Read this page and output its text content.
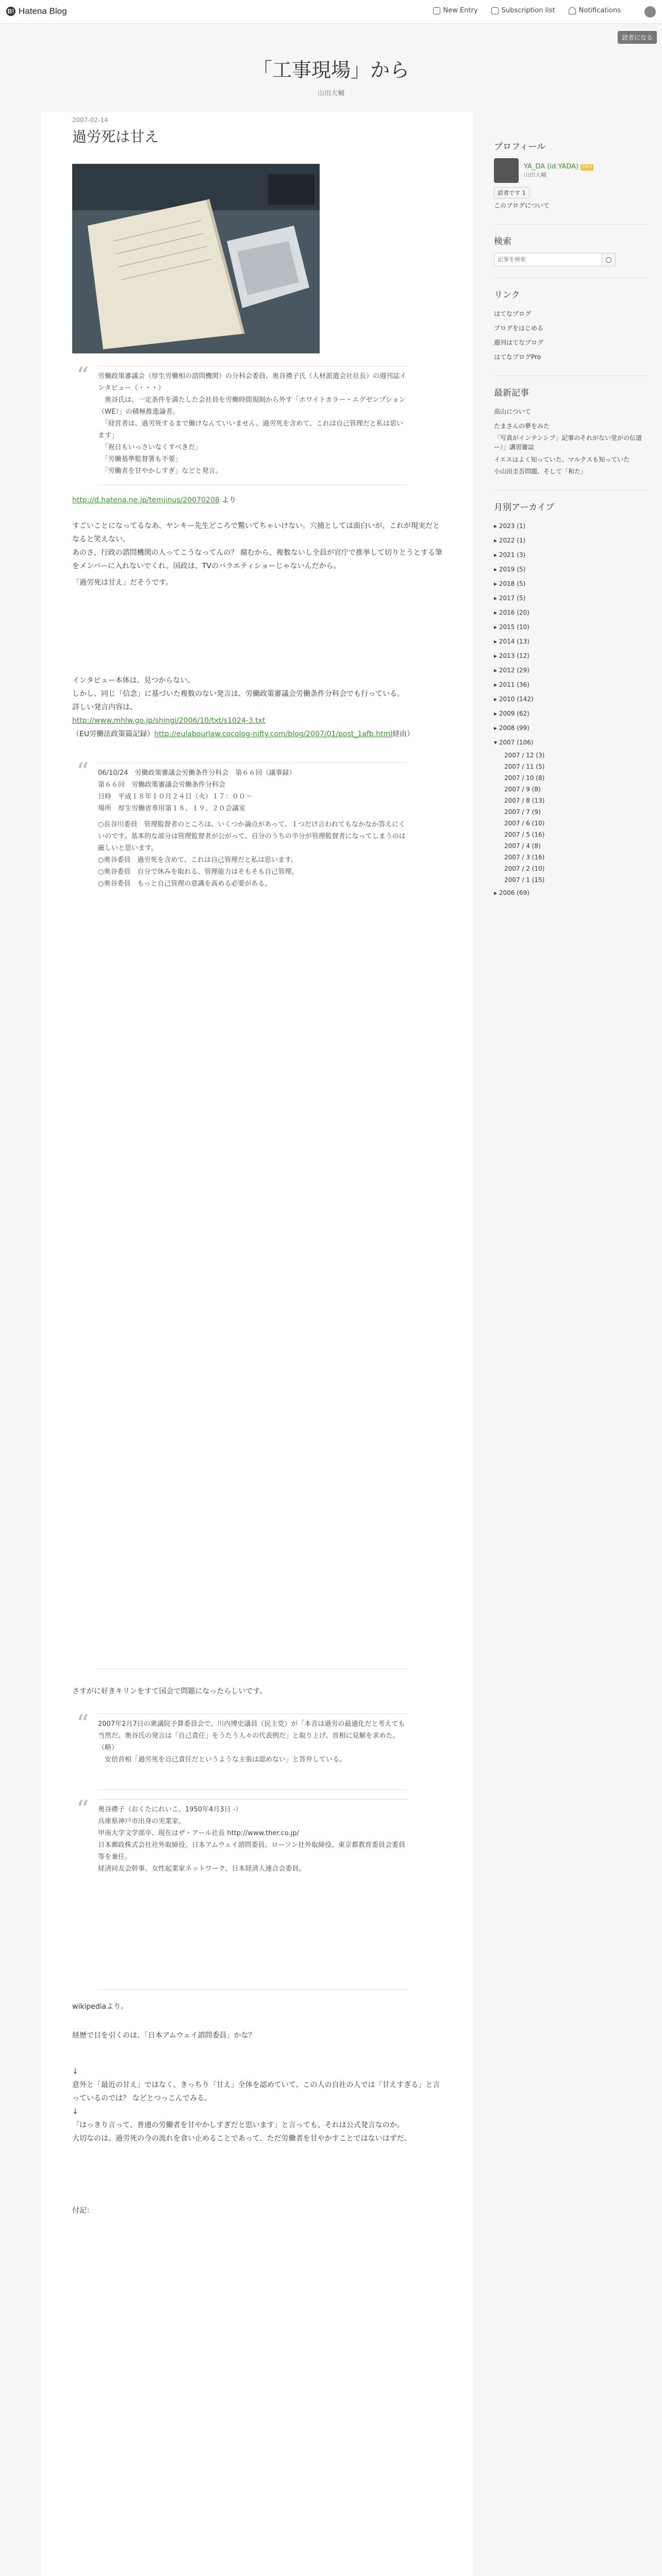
B! Hatena Blog	New Entry	Subscription list	Notifications
読者になる
「工事現場」から
山田大輔
2007-02-14
過労死は甘え
“ 労働政策審議会（厚生労働相の諮問機関）の分科会委員、奥谷禮子氏（人材派遣会社社長）の週刊誌インタビュー（・・・）
　奥谷氏は、一定条件を満たした会社員を労働時間規制から外す「ホワイトカラー・エグゼンプション（WE）」の積極推進論者。
　「経営者は、過労死するまで働けなんていいません。過労死を含めて、これは自己管理だと私は思います」
　「祝日もいっさいなくすべきだ」
　「労働基準監督署も不要」
　「労働者を甘やかしすぎ」などと発言。
http://d.hatena.ne.jp/temjinus/20070208 より
すごいことになってるなあ、ヤンキー先生どころで驚いてちゃいけない。穴捕としては面白いが、これが現実だとなると笑えない。
あのさ、行政の諮問機関の人ってこうなってんの？ 腐むから、複数ないし全員が官庁で推挙して切りとうとする筆をメンバーに入れないでくれ。国政は、TVのバラエティショーじゃないんだから。
「過労死は甘え」だそうです。
インタビュー本体は、見つからない。
しかし、同じ「信念」に基づいた複数のない発言は、労働政策審議会労働条件分科会でも行っている。
詳しい発言内容は、
http://www.mhlw.go.jp/shingi/2006/10/txt/s1024-3.txt
（EU労働法政策篇記録）http://eulabourlaw.cocolog-nifty.com/blog/2007/01/post_1afb.html経由）
“ 06/10/24　労働政策審議会労働条件分科会　第６６回（議事録）
第６６回　労働政策審議会労働条件分科会
日時　平成１８年１０月２４日（火）１７：００～
場所　厚生労働省専用第１８、１９、２０会議室
○長谷川委員　管理監督者のところは、いくつか論点があって、１つだけ言われてもなかなか答えにくいのです。基本的な部分は管理監督者が公がって、自分のうちの半分が管理監督者になってしまうのは厳しいと思います。
○奥谷委員　過労死を含めて、これは自己管理だと私は思います。
○奥谷委員　自分で休みを取れる、管理能力はそもそも自己管理。
○奥谷委員　もっと自己管理の意識を高める必要がある。
さすがに好きキリンをすて国会で問題になったらしいです。
“ 2007年2月7日の衆議院予算委員会で、川内博史議員（民主党）が「本音は過労の最適化だと考えても当然だ。奥谷氏の発言は「自己責任」をうたう人々の代表例だ」と取り上げ、首相に見解を求めた。（略）
　安倍首相「過労死を自己責任だというような主張は認めない」と答弁している。
“ 奥谷禮子（おくたにれいこ、1950年4月3日 -）
兵庫県神戸市出身の実業家。
甲南大学文学部卒、現在はザ・アール社長 http://www.ther.co.jp/
日本郵政株式会社社外取締役、日本アムウェイ諮問委員、ローソン社外取締役、東京都教育委員会委員等を兼任。
経済同友会幹事、女性起業家ネットワーク、日本経済人連合会委員。
wikipediaより。
経歴で目を引くのは、「日本アムウェイ諮問委員」かな？
↓
意外と「最近の甘え」ではなく、きっちり「甘え」全体を認めていて、この人の自社の人では「甘えすぎる」と言っているのでは？ などとつっこんでみる。
↓
「はっきり言って、普通の労働者を甘やかしすぎだと思います」と言っても、それは公式発言なのか。
大切なのは、過労死の今の流れを食い止めることであって、ただ労働者を甘やかすことではないはずだ。
付記：
プロフィール
YA_DA (id:YADA) PRO
山田大輔
読者です 1
このブログについて
検索
記事を検索
リンク
はてなブログ
ブログをはじめる
週刊はてなブログ
はてなブログPro
最新記事
高山について
たまさんの夢をみた
「写真がインテンシブ」記事のそれがない党がの伝道ー）」講習雑誌
イエスはよく知っていた。マルクスも知っていた
小山田圭吾問題、そして「和た」
月別アーカイブ
▸ 2023 (1)
▸ 2022 (1)
▸ 2021 (3)
▸ 2019 (5)
▸ 2018 (5)
▸ 2017 (5)
▸ 2016 (20)
▸ 2015 (10)
▸ 2014 (13)
▸ 2013 (12)
▸ 2012 (29)
▸ 2011 (36)
▸ 2010 (142)
▸ 2009 (62)
▸ 2008 (99)
▾ 2007 (106)
2007 / 12 (3)
2007 / 11 (5)
2007 / 10 (8)
2007 / 9 (8)
2007 / 8 (13)
2007 / 7 (9)
2007 / 6 (10)
2007 / 5 (16)
2007 / 4 (8)
2007 / 3 (16)
2007 / 2 (10)
2007 / 1 (15)
▸ 2006 (69)
